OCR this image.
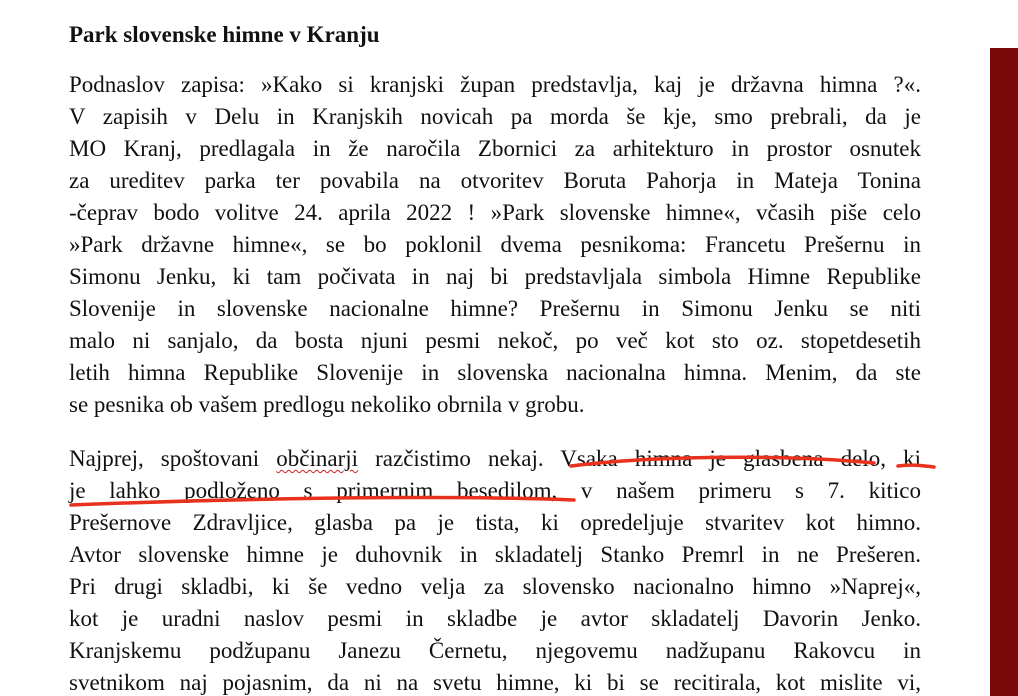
Park slovenske himne v Kranju
Podnaslov zapisa: »Kako si kranjski župan predstavlja, kaj je državna himna ?«.
V zapisih v Delu in Kranjskih novicah pa morda še kje, smo prebrali, da je
MO Kranj, predlagala in že naročila Zbornici za arhitekturo in prostor osnutek
za ureditev parka ter povabila na otvoritev Boruta Pahorja in Mateja Tonina
-čeprav bodo volitve 24. aprila 2022 ! »Park slovenske himne«, včasih piše celo
»Park državne himne«, se bo poklonil dvema pesnikoma: Francetu Prešernu in
Simonu Jenku, ki tam počivata in naj bi predstavljala simbola Himne Republike
Slovenije in slovenske nacionalne himne? Prešernu in Simonu Jenku se niti
malo ni sanjalo, da bosta njuni pesmi nekoč, po več kot sto oz. stopetdesetih
letih himna Republike Slovenije in slovenska nacionalna himna. Menim, da ste
se pesnika ob vašem predlogu nekoliko obrnila v grobu.
Najprej, spoštovani občinarji razčistimo nekaj. Vsaka himna je glasbena delo, ki
je lahko podloženo s primernim besedilom, v našem primeru s 7. kitico
Prešernove Zdravljice, glasba pa je tista, ki opredeljuje stvaritev kot himno.
Avtor slovenske himne je duhovnik in skladatelj Stanko Premrl in ne Prešeren.
Pri drugi skladbi, ki še vedno velja za slovensko nacionalno himno »Naprej«,
kot je uradni naslov pesmi in skladbe je avtor skladatelj Davorin Jenko.
Kranjskemu podžupanu Janezu Černetu, njegovemu nadžupanu Rakovcu in
svetnikom naj pojasnim, da ni na svetu himne, ki bi se recitirala, kot mislite vi,
